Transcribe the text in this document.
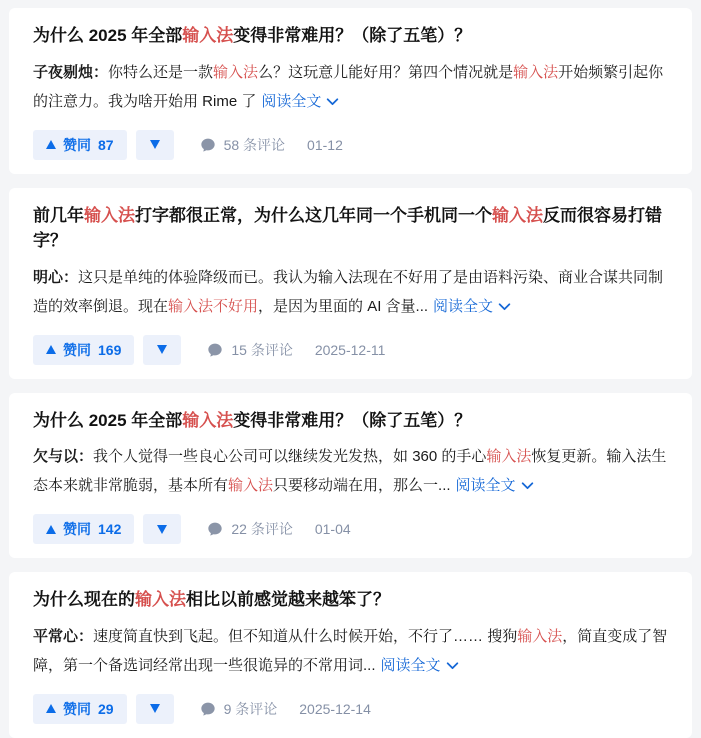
为什么 2025 年全部输入法变得非常难用？（除了五笔）？

子夜剔烛：你特么还是一款输入法么？这玩意儿能好用？第四个情况就是输入法开始频繁引起你的注意力。我为啥开始用 Rime 了 阅读全文

赞同 87	58 条评论 01-12
前几年输入法打字都很正常，为什么这几年同一个手机同一个输入法反而很容易打错字？

明心：这只是单纯的体验降级而已。我认为输入法现在不好用了是由语料污染、商业合谋共同制造的效率倒退。现在输入法不好用，是因为里面的 AI 含量... 阅读全文

赞同 169	15 条评论 2025-12-11
为什么 2025 年全部输入法变得非常难用？（除了五笔）？

欠与以：我个人觉得一些良心公司可以继续发光发热，如 360 的手心输入法恢复更新。输入法生态本来就非常脆弱，基本所有输入法只要移动端在用，那么一... 阅读全文

赞同 142	22 条评论 01-04
为什么现在的输入法相比以前感觉越来越笨了？

平常心：速度简直快到飞起。但不知道从什么时候开始，不行了…… 搜狗输入法，简直变成了智障，第一个备选词经常出现一些很诡异的不常用词... 阅读全文

赞同 29	9 条评论 2025-12-14
